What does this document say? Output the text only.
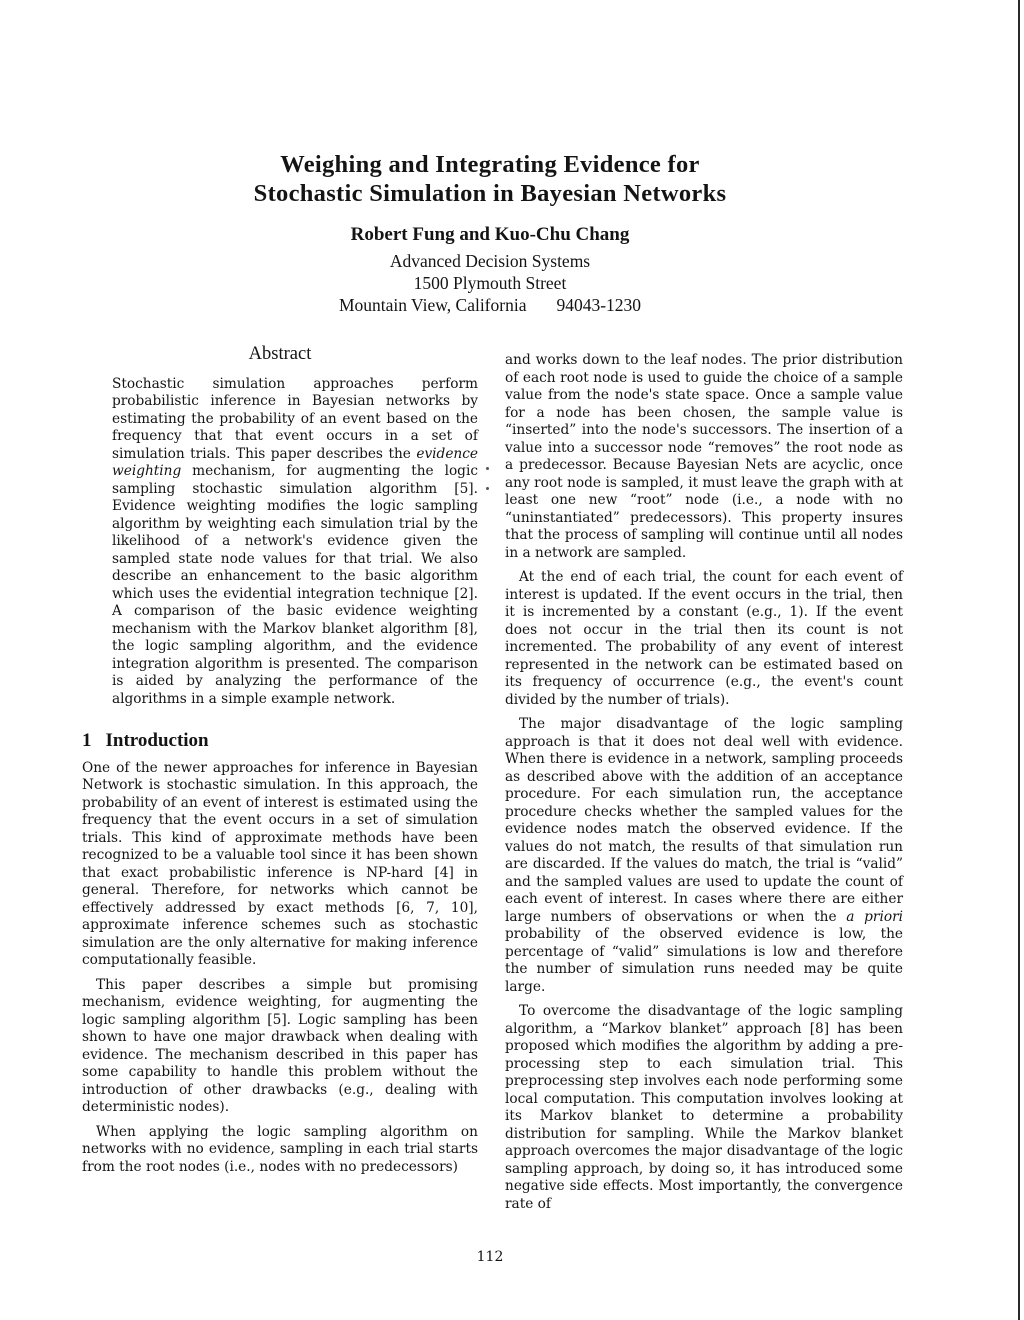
Weighing and Integrating Evidence for
Stochastic Simulation in Bayesian Networks
Robert Fung and Kuo-Chu Chang
Advanced Decision Systems
1500 Plymouth Street
Mountain View, California 94043-1230
Abstract

Stochastic simulation approaches perform probabilistic inference in Bayesian networks by estimating the probability of an event based on the frequency that that event occurs in a set of simulation trials. This paper describes the evidence weighting mechanism, for augmenting the logic sampling stochastic simulation algorithm [5]. Evidence weighting modifies the logic sampling algorithm by weighting each simulation trial by the likelihood of a network's evidence given the sampled state node values for that trial. We also describe an enhancement to the basic algorithm which uses the evidential integration technique [2]. A comparison of the basic evidence weighting mechanism with the Markov blanket algorithm [8], the logic sampling algorithm, and the evidence integration algorithm is presented. The comparison is aided by analyzing the performance of the algorithms in a simple example network.

1 Introduction

One of the newer approaches for inference in Bayesian Network is stochastic simulation. In this approach, the probability of an event of interest is estimated using the frequency that the event occurs in a set of simulation trials. This kind of approximate methods have been recognized to be a valuable tool since it has been shown that exact probabilistic inference is NP-hard [4] in general. Therefore, for networks which cannot be effectively addressed by exact methods [6, 7, 10], approximate inference schemes such as stochastic simulation are the only alternative for making inference computationally feasible.

This paper describes a simple but promising mechanism, evidence weighting, for augmenting the logic sampling algorithm [5]. Logic sampling has been shown to have one major drawback when dealing with evidence. The mechanism described in this paper has some capability to handle this problem without the introduction of other drawbacks (e.g., dealing with deterministic nodes).

When applying the logic sampling algorithm on networks with no evidence, sampling in each trial starts from the root nodes (i.e., nodes with no predecessors)

and works down to the leaf nodes. The prior distribution of each root node is used to guide the choice of a sample value from the node's state space. Once a sample value for a node has been chosen, the sample value is “inserted” into the node's successors. The insertion of a value into a successor node “removes” the root node as a predecessor. Because Bayesian Nets are acyclic, once any root node is sampled, it must leave the graph with at least one new “root” node (i.e., a node with no “uninstantiated” predecessors). This property insures that the process of sampling will continue until all nodes in a network are sampled.

At the end of each trial, the count for each event of interest is updated. If the event occurs in the trial, then it is incremented by a constant (e.g., 1). If the event does not occur in the trial then its count is not incremented. The probability of any event of interest represented in the network can be estimated based on its frequency of occurrence (e.g., the event's count divided by the number of trials).

The major disadvantage of the logic sampling approach is that it does not deal well with evidence. When there is evidence in a network, sampling proceeds as described above with the addition of an acceptance procedure. For each simulation run, the acceptance procedure checks whether the sampled values for the evidence nodes match the observed evidence. If the values do not match, the results of that simulation run are discarded. If the values do match, the trial is “valid” and the sampled values are used to update the count of each event of interest. In cases where there are either large numbers of observations or when the a priori probability of the observed evidence is low, the percentage of “valid” simulations is low and therefore the number of simulation runs needed may be quite large.

To overcome the disadvantage of the logic sampling algorithm, a “Markov blanket” approach [8] has been proposed which modifies the algorithm by adding a pre-processing step to each simulation trial. This preprocessing step involves each node performing some local computation. This computation involves looking at its Markov blanket to determine a probability distribution for sampling. While the Markov blanket approach overcomes the major disadvantage of the logic sampling approach, by doing so, it has introduced some negative side effects. Most importantly, the convergence rate of

112
